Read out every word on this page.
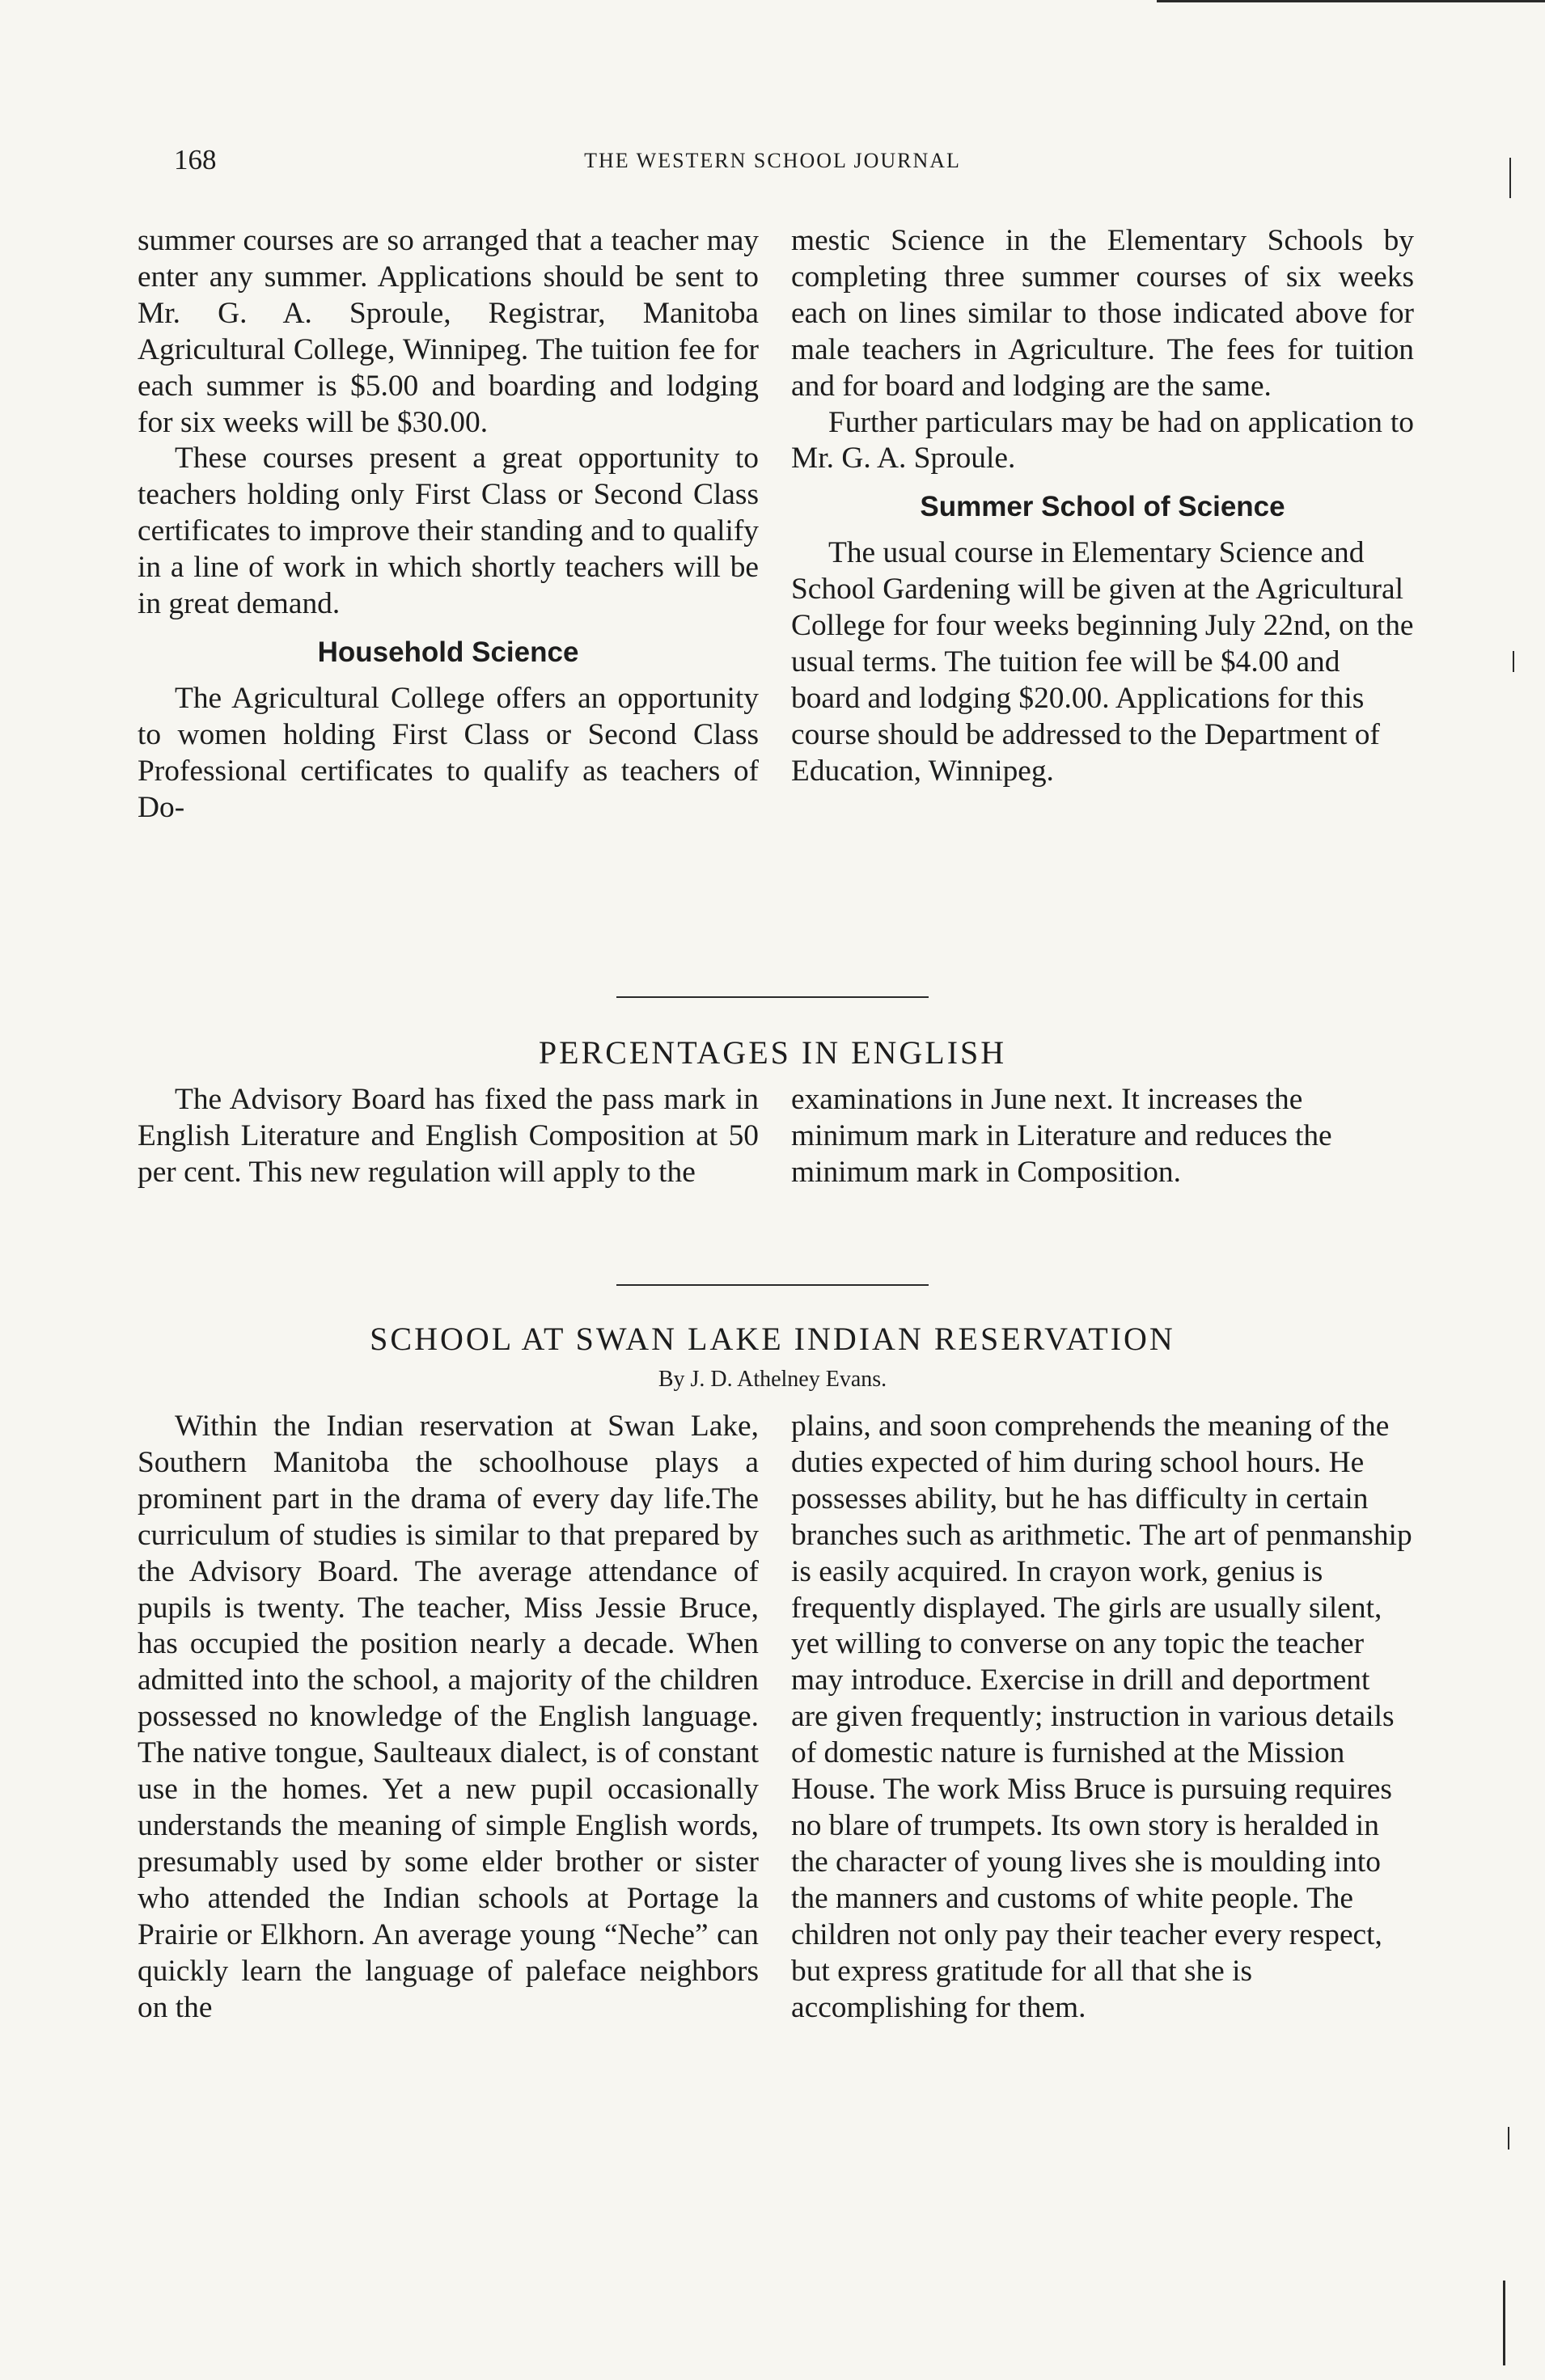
168	THE WESTERN SCHOOL JOURNAL

summer courses are so arranged that a teacher may enter any summer. Applications should be sent to Mr. G. A. Sproule, Registrar, Manitoba Agricultural College, Winnipeg. The tuition fee for each summer is $5.00 and boarding and lodging for six weeks will be $30.00.

These courses present a great opportunity to teachers holding only First Class or Second Class certificates to improve their standing and to qualify in a line of work in which shortly teachers will be in great demand.

Household Science

The Agricultural College offers an opportunity to women holding First Class or Second Class Professional certificates to qualify as teachers of Do-

mestic Science in the Elementary Schools by completing three summer courses of six weeks each on lines similar to those indicated above for male teachers in Agriculture. The fees for tuition and for board and lodging are the same.

Further particulars may be had on application to Mr. G. A. Sproule.

Summer School of Science

The usual course in Elementary Science and School Gardening will be given at the Agricultural College for four weeks beginning July 22nd, on the usual terms. The tuition fee will be $4.00 and board and lodging $20.00. Applications for this course should be addressed to the Department of Education, Winnipeg.

PERCENTAGES IN ENGLISH

The Advisory Board has fixed the pass mark in English Literature and English Composition at 50 per cent. This new regulation will apply to the

examinations in June next. It increases the minimum mark in Literature and reduces the minimum mark in Composition.

SCHOOL AT SWAN LAKE INDIAN RESERVATION
By J. D. Athelney Evans.

Within the Indian reservation at Swan Lake, Southern Manitoba the schoolhouse plays a prominent part in the drama of every day life.The curriculum of studies is similar to that prepared by the Advisory Board. The average attendance of pupils is twenty. The teacher, Miss Jessie Bruce, has occupied the position nearly a decade. When admitted into the school, a majority of the children possessed no knowledge of the English language. The native tongue, Saulteaux dialect, is of constant use in the homes. Yet a new pupil occasionally understands the meaning of simple English words, presumably used by some elder brother or sister who attended the Indian schools at Portage la Prairie or Elkhorn. An average young “Neche” can quickly learn the language of paleface neighbors on the

plains, and soon comprehends the meaning of the duties expected of him during school hours. He possesses ability, but he has difficulty in certain branches such as arithmetic. The art of penmanship is easily acquired. In crayon work, genius is frequently displayed. The girls are usually silent, yet willing to converse on any topic the teacher may introduce. Exercise in drill and deportment are given frequently; instruction in various details of domestic nature is furnished at the Mission House. The work Miss Bruce is pursuing requires no blare of trumpets. Its own story is heralded in the character of young lives she is moulding into the manners and customs of white people. The children not only pay their teacher every respect, but express gratitude for all that she is accomplishing for them.
